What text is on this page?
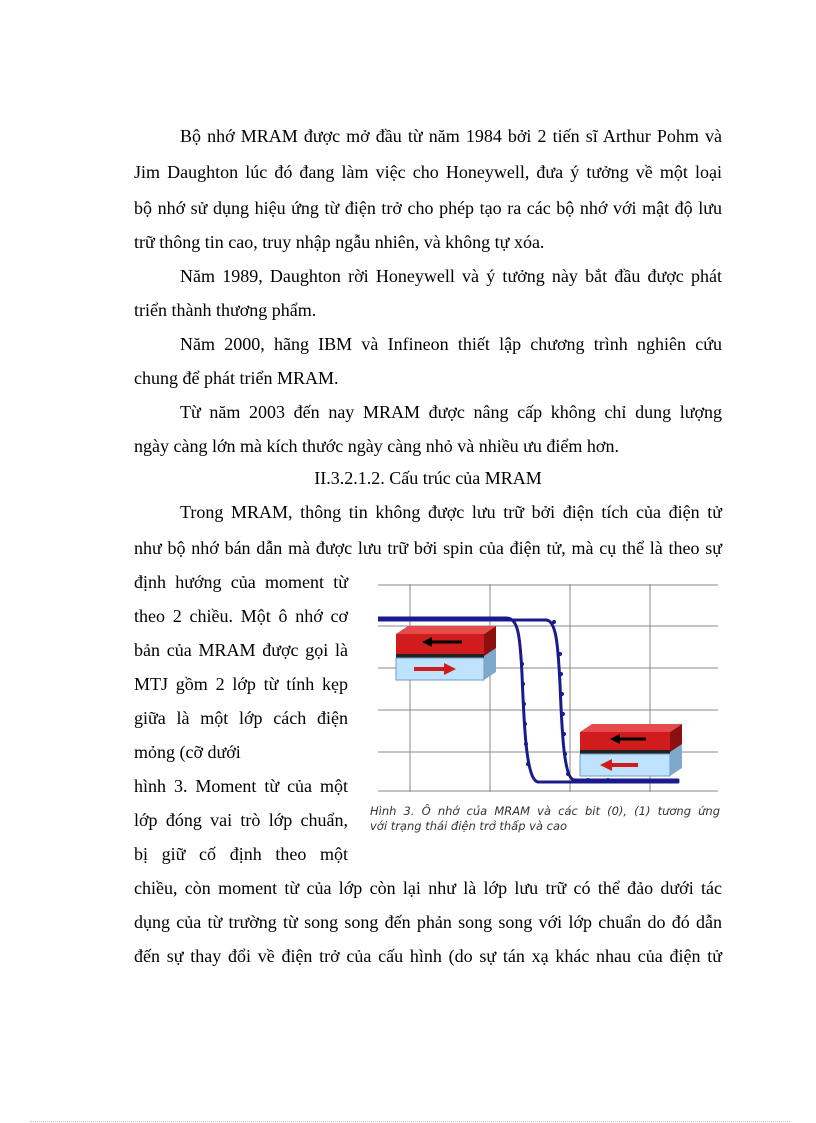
Bộ nhớ MRAM được mở đầu từ năm 1984 bởi 2 tiến sĩ Arthur Pohm và
Jim Daughton lúc đó đang làm việc cho Honeywell, đưa ý tưởng về một loại
bộ nhớ sử dụng hiệu ứng từ điện trở cho phép tạo ra các bộ nhớ với mật độ lưu
trữ thông tin cao, truy nhập ngẫu nhiên, và không tự xóa.
Năm 1989, Daughton rời Honeywell và ý tưởng này bắt đầu được phát
triển thành thương phẩm.
Năm 2000, hãng IBM và Infineon thiết lập chương trình nghiên cứu
chung để phát triển MRAM.
Từ năm 2003 đến nay MRAM được nâng cấp không chỉ dung lượng
ngày càng lớn mà kích thước ngày càng nhỏ và nhiều ưu điểm hơn.
II.3.2.1.2. Cấu trúc của MRAM
Trong MRAM, thông tin không được lưu trữ bởi điện tích của điện tử
như bộ nhớ bán dẫn mà được lưu trữ bởi spin của điện tử, mà cụ thể là theo sự
định hướng của moment từ
theo 2 chiều. Một ô nhớ cơ
bản của MRAM được gọi là
MTJ gồm 2 lớp từ tính kẹp
giữa là một lớp cách điện
mỏng (cỡ dưới
hình 3. Moment từ của một
lớp đóng vai trò lớp chuẩn,
bị giữ cố định theo một
chiều, còn moment từ của lớp còn lại như là lớp lưu trữ có thể đảo dưới tác
dụng của từ trường từ song song đến phản song song với lớp chuẩn do đó dẫn
đến sự thay đổi về điện trở của cấu hình (do sự tán xạ khác nhau của điện tử
Hình 3. Ô nhớ của MRAM và các bit (0), (1) tương ứng
với trạng thái điện trở thấp và cao
